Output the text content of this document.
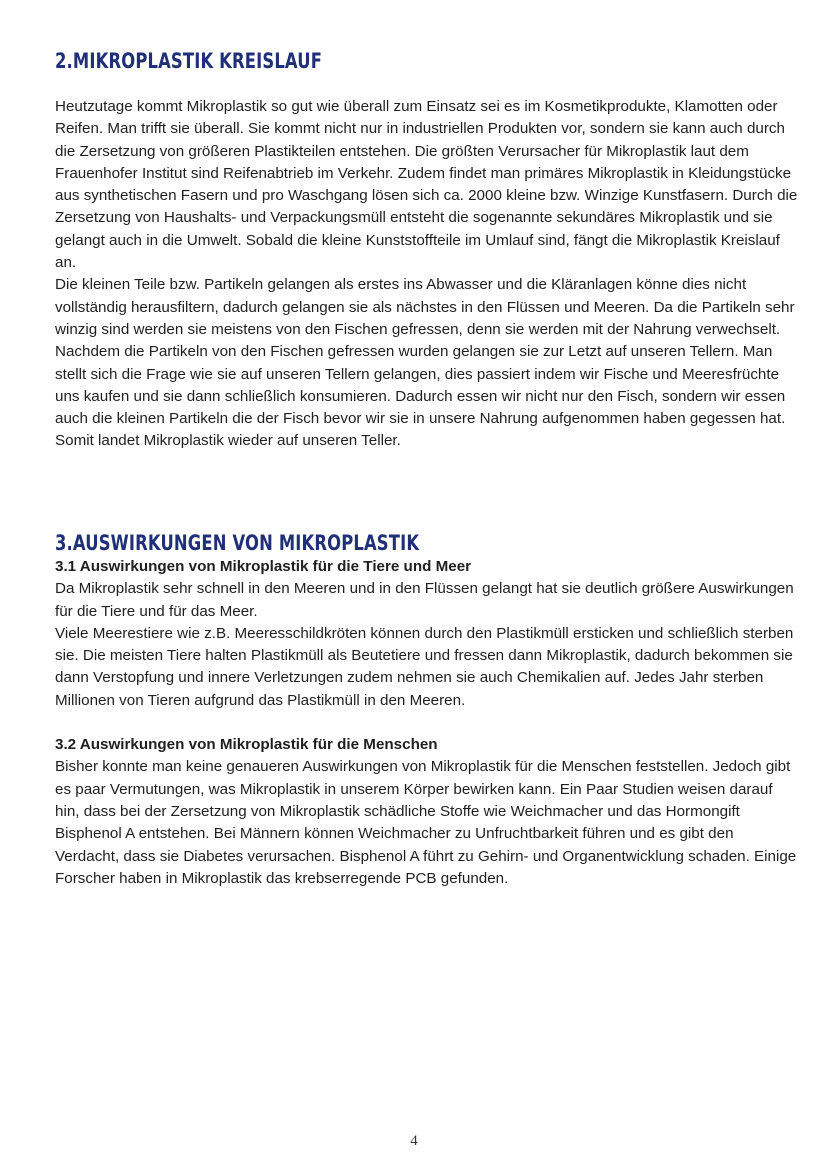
2.MIKROPLASTIK KREISLAUF

Heutzutage kommt Mikroplastik so gut wie überall zum Einsatz sei es im Kosmetikprodukte, Klamotten oder Reifen. Man trifft sie überall. Sie kommt nicht nur in industriellen Produkten vor, sondern sie kann auch durch die Zersetzung von größeren Plastikteilen entstehen. Die größten Verursacher für Mikroplastik laut dem Frauenhofer Institut sind Reifenabtrieb im Verkehr. Zudem findet man primäres Mikroplastik in Kleidungstücke aus synthetischen Fasern und pro Waschgang lösen sich ca. 2000 kleine bzw. Winzige Kunstfasern. Durch die Zersetzung von Haushalts- und Verpackungsmüll entsteht die sogenannte sekundäres Mikroplastik und sie gelangt auch in die Umwelt. Sobald die kleine Kunststoffteile im Umlauf sind, fängt die Mikroplastik Kreislauf an.

Die kleinen Teile bzw. Partikeln gelangen als erstes ins Abwasser und die Kläranlagen könne dies nicht vollständig herausfiltern, dadurch gelangen sie als nächstes in den Flüssen und Meeren. Da die Partikeln sehr winzig sind werden sie meistens von den Fischen gefressen, denn sie werden mit der Nahrung verwechselt. Nachdem die Partikeln von den Fischen gefressen wurden gelangen sie zur Letzt auf unseren Tellern. Man stellt sich die Frage wie sie auf unseren Tellern gelangen, dies passiert indem wir Fische und Meeresfrüchte uns kaufen und sie dann schließlich konsumieren. Dadurch essen wir nicht nur den Fisch, sondern wir essen auch die kleinen Partikeln die der Fisch bevor wir sie in unsere Nahrung aufgenommen haben gegessen hat. Somit landet Mikroplastik wieder auf unseren Teller.

3.AUSWIRKUNGEN VON MIKROPLASTIK

3.1 Auswirkungen von Mikroplastik für die Tiere und Meer

Da Mikroplastik sehr schnell in den Meeren und in den Flüssen gelangt hat sie deutlich größere Auswirkungen für die Tiere und für das Meer.

Viele Meerestiere wie z.B. Meeresschildkröten können durch den Plastikmüll ersticken und schließlich sterben sie. Die meisten Tiere halten Plastikmüll als Beutetiere und fressen dann Mikroplastik, dadurch bekommen sie dann Verstopfung und innere Verletzungen zudem nehmen sie auch Chemikalien auf. Jedes Jahr sterben Millionen von Tieren aufgrund das Plastikmüll in den Meeren.

3.2 Auswirkungen von Mikroplastik für die Menschen

Bisher konnte man keine genaueren Auswirkungen von Mikroplastik für die Menschen feststellen. Jedoch gibt es paar Vermutungen, was Mikroplastik in unserem Körper bewirken kann. Ein Paar Studien weisen darauf hin, dass bei der Zersetzung von Mikroplastik schädliche Stoffe wie Weichmacher und das Hormongift Bisphenol A entstehen. Bei Männern können Weichmacher zu Unfruchtbarkeit führen und es gibt den Verdacht, dass sie Diabetes verursachen. Bisphenol A führt zu Gehirn- und Organentwicklung schaden. Einige Forscher haben in Mikroplastik das krebserregende PCB gefunden.

4
